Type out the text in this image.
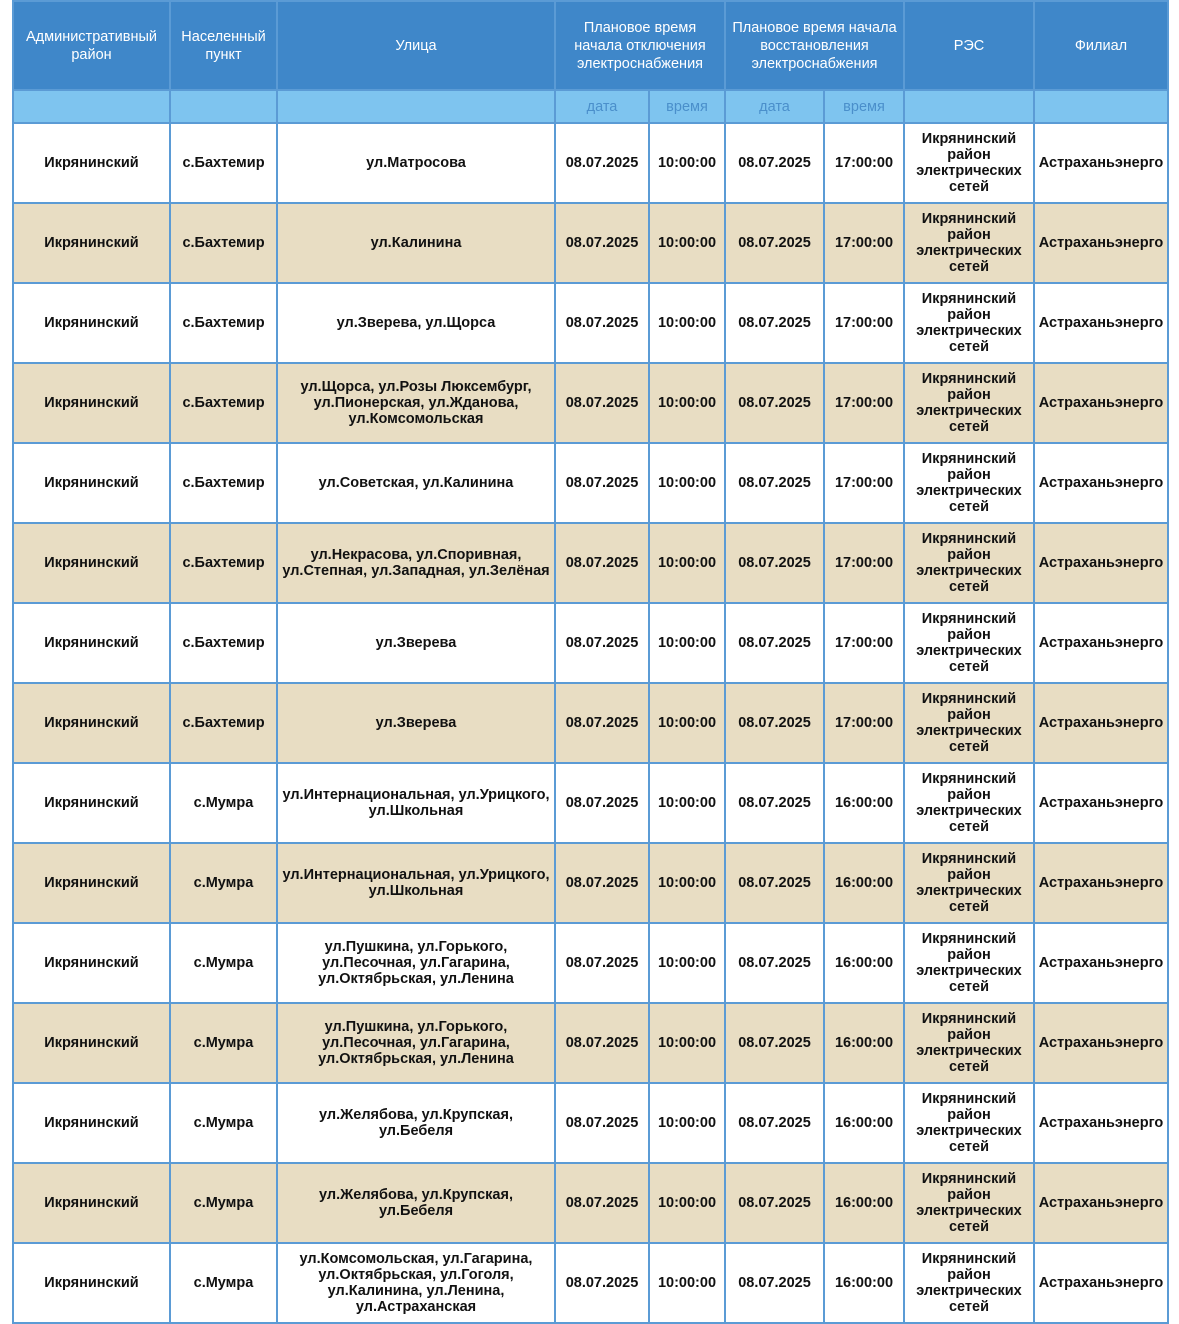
Административный район	Населенный пункт	Улица	Плановое время начала отключения электроснабжения		Плановое время начала восстановления электроснабжения		РЭС	Филиал
			дата	время	дата	время		
Икрянинский	с.Бахтемир	ул.Матросова	08.07.2025	10:00:00	08.07.2025	17:00:00	Икрянинский район электрических сетей	Астраханьэнерго
Икрянинский	с.Бахтемир	ул.Калинина	08.07.2025	10:00:00	08.07.2025	17:00:00	Икрянинский район электрических сетей	Астраханьэнерго
Икрянинский	с.Бахтемир	ул.Зверева, ул.Щорса	08.07.2025	10:00:00	08.07.2025	17:00:00	Икрянинский район электрических сетей	Астраханьэнерго
Икрянинский	с.Бахтемир	ул.Щорса, ул.Розы Люксембург, ул.Пионерская, ул.Жданова, ул.Комсомольская	08.07.2025	10:00:00	08.07.2025	17:00:00	Икрянинский район электрических сетей	Астраханьэнерго
Икрянинский	с.Бахтемир	ул.Советская, ул.Калинина	08.07.2025	10:00:00	08.07.2025	17:00:00	Икрянинский район электрических сетей	Астраханьэнерго
Икрянинский	с.Бахтемир	ул.Некрасова, ул.Споривная, ул.Степная, ул.Западная, ул.Зелёная	08.07.2025	10:00:00	08.07.2025	17:00:00	Икрянинский район электрических сетей	Астраханьэнерго
Икрянинский	с.Бахтемир	ул.Зверева	08.07.2025	10:00:00	08.07.2025	17:00:00	Икрянинский район электрических сетей	Астраханьэнерго
Икрянинский	с.Бахтемир	ул.Зверева	08.07.2025	10:00:00	08.07.2025	17:00:00	Икрянинский район электрических сетей	Астраханьэнерго
Икрянинский	с.Мумра	ул.Интернациональная, ул.Урицкого, ул.Школьная	08.07.2025	10:00:00	08.07.2025	16:00:00	Икрянинский район электрических сетей	Астраханьэнерго
Икрянинский	с.Мумра	ул.Интернациональная, ул.Урицкого, ул.Школьная	08.07.2025	10:00:00	08.07.2025	16:00:00	Икрянинский район электрических сетей	Астраханьэнерго
Икрянинский	с.Мумра	ул.Пушкина, ул.Горького, ул.Песочная, ул.Гагарина, ул.Октябрьская, ул.Ленина	08.07.2025	10:00:00	08.07.2025	16:00:00	Икрянинский район электрических сетей	Астраханьэнерго
Икрянинский	с.Мумра	ул.Пушкина, ул.Горького, ул.Песочная, ул.Гагарина, ул.Октябрьская, ул.Ленина	08.07.2025	10:00:00	08.07.2025	16:00:00	Икрянинский район электрических сетей	Астраханьэнерго
Икрянинский	с.Мумра	ул.Желябова, ул.Крупская, ул.Бебеля	08.07.2025	10:00:00	08.07.2025	16:00:00	Икрянинский район электрических сетей	Астраханьэнерго
Икрянинский	с.Мумра	ул.Желябова, ул.Крупская, ул.Бебеля	08.07.2025	10:00:00	08.07.2025	16:00:00	Икрянинский район электрических сетей	Астраханьэнерго
Икрянинский	с.Мумра	ул.Комсомольская, ул.Гагарина, ул.Октябрьская, ул.Гоголя, ул.Калинина, ул.Ленина, ул.Астраханская	08.07.2025	10:00:00	08.07.2025	16:00:00	Икрянинский район электрических сетей	Астраханьэнерго
